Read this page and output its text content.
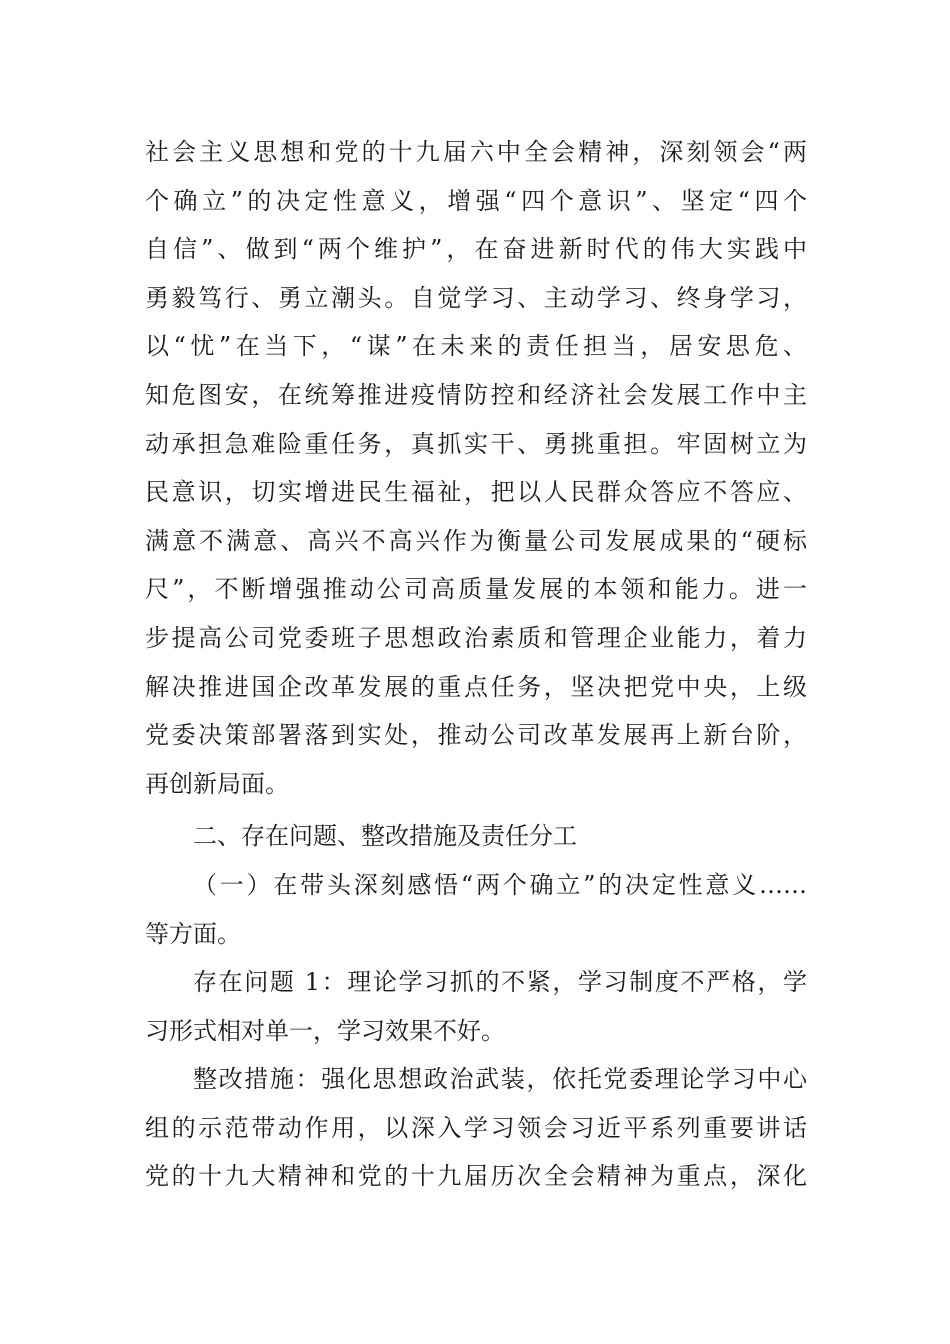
社会主义思想和党的十九届六中全会精神，深刻领会“两
个确立”的决定性意义，增强“四个意识”、坚定“四个
自信”、做到“两个维护”，在奋进新时代的伟大实践中
勇毅笃行、勇立潮头。自觉学习、主动学习、终身学习，
以“忧”在当下，“谋”在未来的责任担当，居安思危、
知危图安，在统筹推进疫情防控和经济社会发展工作中主
动承担急难险重任务，真抓实干、勇挑重担。牢固树立为
民意识，切实增进民生福祉，把以人民群众答应不答应、
满意不满意、高兴不高兴作为衡量公司发展成果的“硬标
尺”，不断增强推动公司高质量发展的本领和能力。进一
步提高公司党委班子思想政治素质和管理企业能力，着力
解决推进国企改革发展的重点任务，坚决把党中央，上级
党委决策部署落到实处，推动公司改革发展再上新台阶，
再创新局面。
二、存在问题、整改措施及责任分工
（一）在带头深刻感悟“两个确立”的决定性意义……
等方面。
存在问题 1：理论学习抓的不紧，学习制度不严格，学
习形式相对单一，学习效果不好。
整改措施：强化思想政治武装，依托党委理论学习中心
组的示范带动作用，以深入学习领会习近平系列重要讲话
党的十九大精神和党的十九届历次全会精神为重点，深化
